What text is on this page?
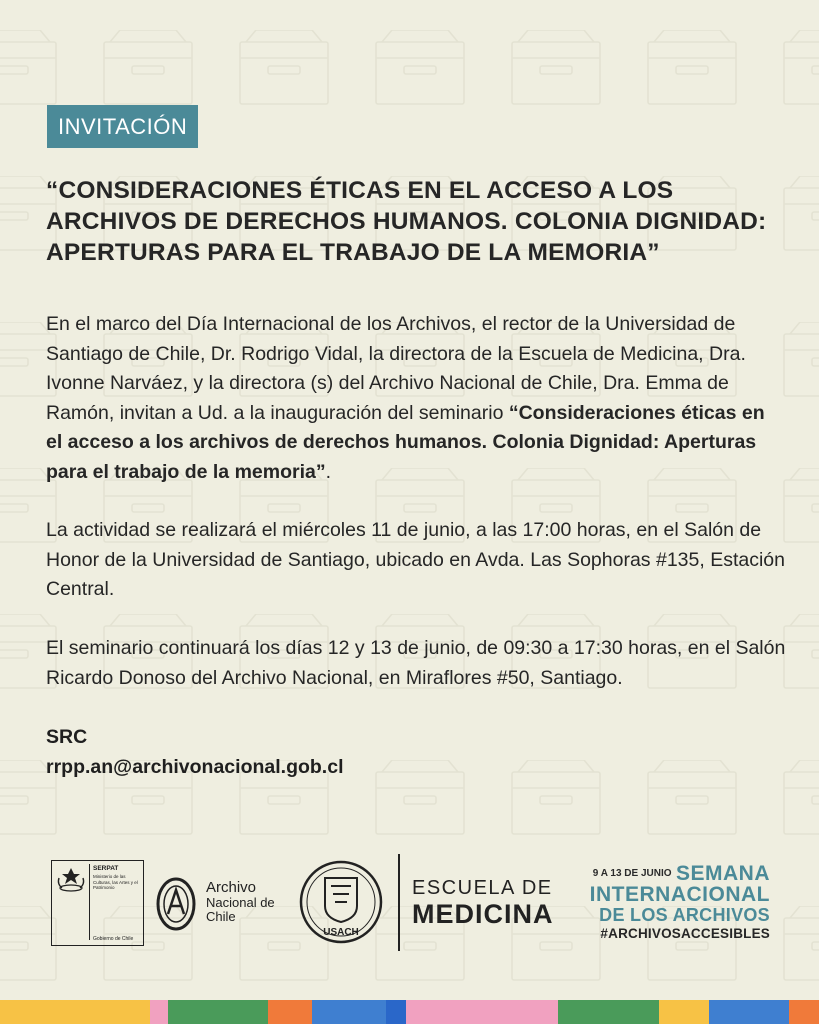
INVITACIÓN
“CONSIDERACIONES ÉTICAS EN EL ACCESO A LOS ARCHIVOS DE DERECHOS HUMANOS. COLONIA DIGNIDAD: APERTURAS PARA EL TRABAJO DE LA MEMORIA”

En el marco del Día Internacional de los Archivos, el rector de la Universidad de Santiago de Chile, Dr. Rodrigo Vidal, la directora de la Escuela de Medicina, Dra. Ivonne Narváez, y la directora (s) del Archivo Nacional de Chile, Dra. Emma de Ramón, invitan a Ud. a la inauguración del seminario “Consideraciones éticas en el acceso a los archivos de derechos humanos. Colonia Dignidad: Aperturas para el trabajo de la memoria”.

La actividad se realizará el miércoles 11 de junio, a las 17:00 horas, en el Salón de Honor de la Universidad de Santiago, ubicado en Avda. Las Sophoras #135, Estación Central.

El seminario continuará los días 12 y 13 de junio, de 09:30 a 17:30 horas, en el Salón Ricardo Donoso del Archivo Nacional, en Miraflores #50, Santiago.

SRC
rrpp.an@archivonacional.gob.cl
SERPAT
Ministerio de las Culturas, las Artes y el Patrimonio
Gobierno de Chile
Archivo
Nacional de Chile
USACH
ESCUELA DE
MEDICINA
9 A 13 DE JUNIO SEMANA
INTERNACIONAL
DE LOS ARCHIVOS
#ARCHIVOSACCESIBLES
